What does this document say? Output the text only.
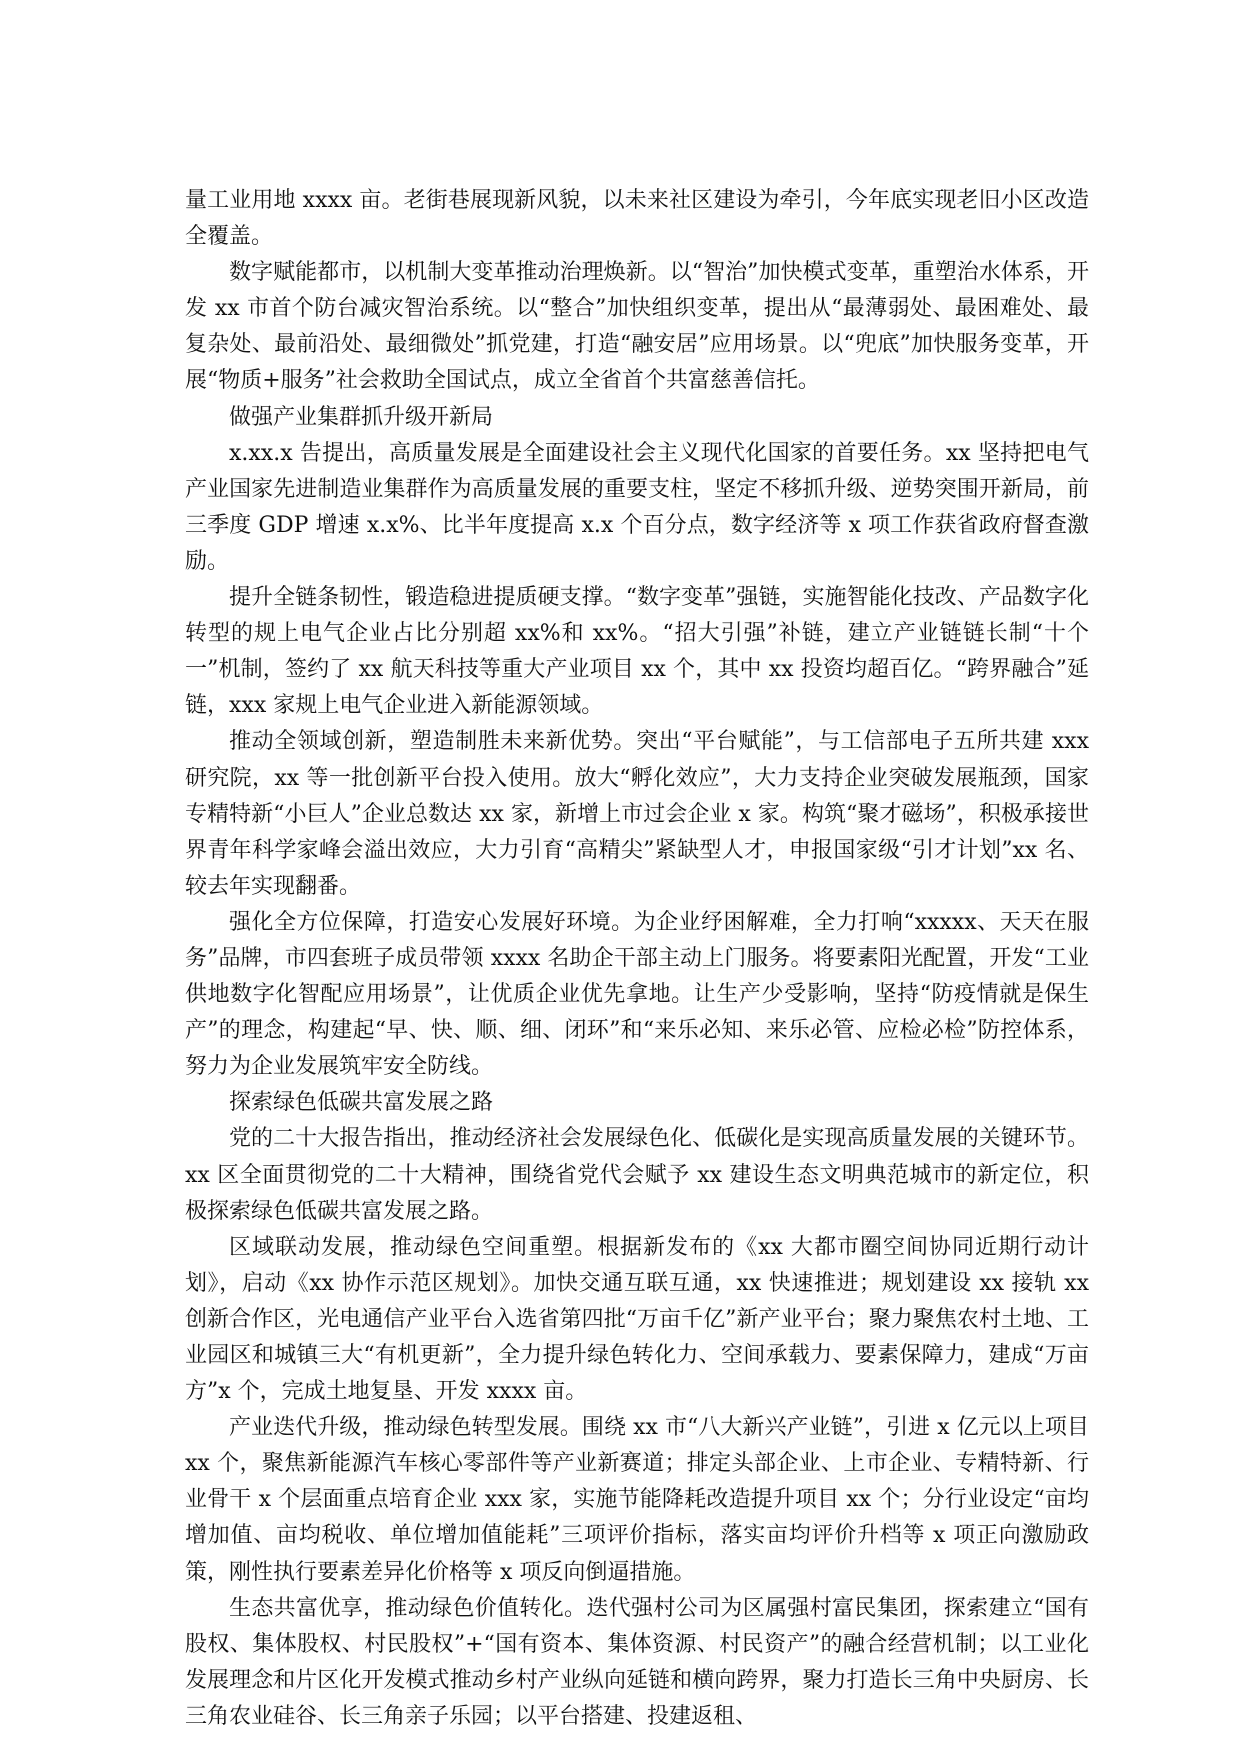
量工业用地 xxxx 亩。老街巷展现新风貌，以未来社区建设为牵引，今年底实现老旧小区改造全覆盖。

数字赋能都市，以机制大变革推动治理焕新。以“智治”加快模式变革，重塑治水体系，开发 xx 市首个防台减灾智治系统。以“整合”加快组织变革，提出从“最薄弱处、最困难处、最复杂处、最前沿处、最细微处”抓党建，打造“融安居”应用场景。以“兜底”加快服务变革，开展“物质+服务”社会救助全国试点，成立全省首个共富慈善信托。

做强产业集群抓升级开新局

x.xx.x 告提出，高质量发展是全面建设社会主义现代化国家的首要任务。xx 坚持把电气产业国家先进制造业集群作为高质量发展的重要支柱，坚定不移抓升级、逆势突围开新局，前三季度 GDP 增速 x.x%、比半年度提高 x.x 个百分点，数字经济等 x 项工作获省政府督查激励。

提升全链条韧性，锻造稳进提质硬支撑。“数字变革”强链，实施智能化技改、产品数字化转型的规上电气企业占比分别超 xx%和 xx%。“招大引强”补链，建立产业链链长制“十个一”机制，签约了 xx 航天科技等重大产业项目 xx 个，其中 xx 投资均超百亿。“跨界融合”延链，xxx 家规上电气企业进入新能源领域。

推动全领域创新，塑造制胜未来新优势。突出“平台赋能”，与工信部电子五所共建 xxx 研究院，xx 等一批创新平台投入使用。放大“孵化效应”，大力支持企业突破发展瓶颈，国家专精特新“小巨人”企业总数达 xx 家，新增上市过会企业 x 家。构筑“聚才磁场”，积极承接世界青年科学家峰会溢出效应，大力引育“高精尖”紧缺型人才，申报国家级“引才计划”xx 名、较去年实现翻番。

强化全方位保障，打造安心发展好环境。为企业纾困解难，全力打响“xxxxx、天天在服务”品牌，市四套班子成员带领 xxxx 名助企干部主动上门服务。将要素阳光配置，开发“工业供地数字化智配应用场景”，让优质企业优先拿地。让生产少受影响，坚持“防疫情就是保生产”的理念，构建起“早、快、顺、细、闭环”和“来乐必知、来乐必管、应检必检”防控体系，努力为企业发展筑牢安全防线。

探索绿色低碳共富发展之路

党的二十大报告指出，推动经济社会发展绿色化、低碳化是实现高质量发展的关键环节。xx 区全面贯彻党的二十大精神，围绕省党代会赋予 xx 建设生态文明典范城市的新定位，积极探索绿色低碳共富发展之路。

区域联动发展，推动绿色空间重塑。根据新发布的《xx 大都市圈空间协同近期行动计划》，启动《xx 协作示范区规划》。加快交通互联互通，xx 快速推进；规划建设 xx 接轨 xx 创新合作区，光电通信产业平台入选省第四批“万亩千亿”新产业平台；聚力聚焦农村土地、工业园区和城镇三大“有机更新”，全力提升绿色转化力、空间承载力、要素保障力，建成“万亩方”x 个，完成土地复垦、开发 xxxx 亩。

产业迭代升级，推动绿色转型发展。围绕 xx 市“八大新兴产业链”，引进 x 亿元以上项目 xx 个，聚焦新能源汽车核心零部件等产业新赛道；排定头部企业、上市企业、专精特新、行业骨干 x 个层面重点培育企业 xxx 家，实施节能降耗改造提升项目 xx 个；分行业设定“亩均增加值、亩均税收、单位增加值能耗”三项评价指标，落实亩均评价升档等 x 项正向激励政策，刚性执行要素差异化价格等 x 项反向倒逼措施。

生态共富优享，推动绿色价值转化。迭代强村公司为区属强村富民集团，探索建立“国有股权、集体股权、村民股权”+“国有资本、集体资源、村民资产”的融合经营机制；以工业化发展理念和片区化开发模式推动乡村产业纵向延链和横向跨界，聚力打造长三角中央厨房、长三角农业硅谷、长三角亲子乐园；以平台搭建、投建返租、
